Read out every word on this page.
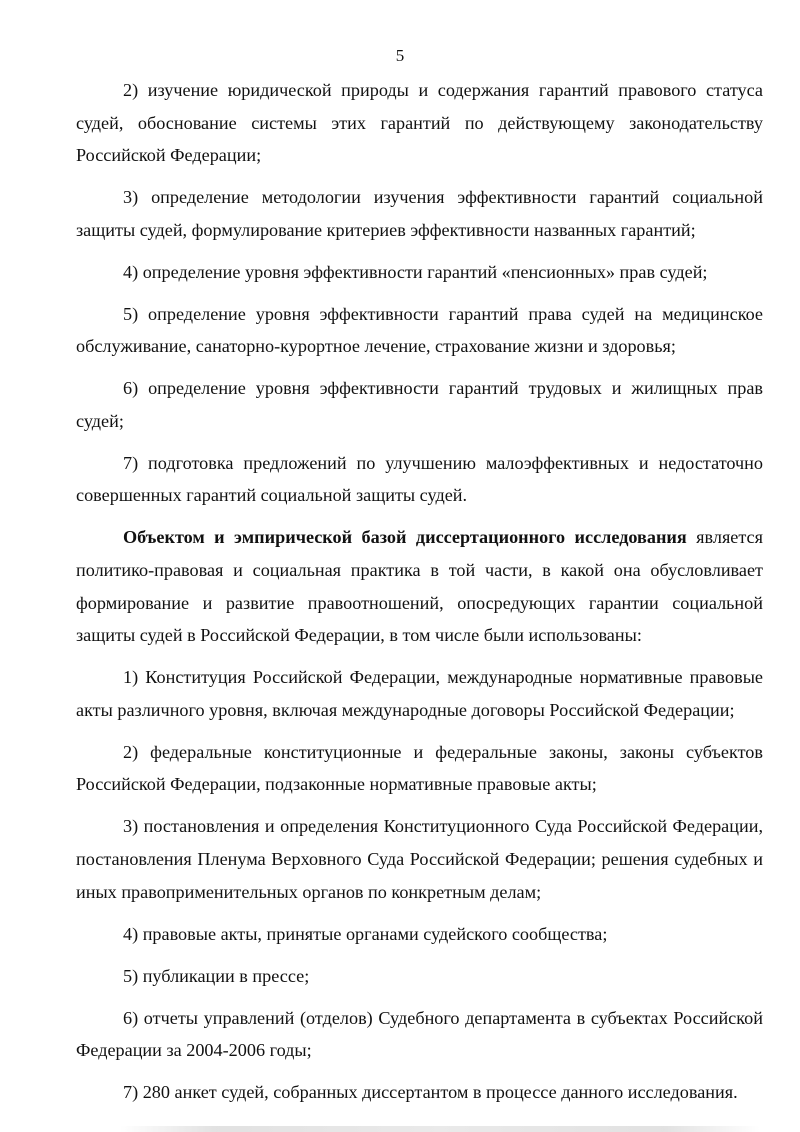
5

2) изучение юридической природы и содержания гарантий правового статуса судей, обоснование системы этих гарантий по действующему законодательству Российской Федерации;

3) определение методологии изучения эффективности гарантий социальной защиты судей, формулирование критериев эффективности названных гарантий;

4) определение уровня эффективности гарантий «пенсионных» прав судей;

5) определение уровня эффективности гарантий права судей на медицинское обслуживание, санаторно-курортное лечение, страхование жизни и здоровья;

6) определение уровня эффективности гарантий трудовых и жилищных прав судей;

7) подготовка предложений по улучшению малоэффективных и недостаточно совершенных гарантий социальной защиты судей.

Объектом и эмпирической базой диссертационного исследования является политико-правовая и социальная практика в той части, в какой она обусловливает формирование и развитие правоотношений, опосредующих гарантии социальной защиты судей в Российской Федерации, в том числе были использованы:

1) Конституция Российской Федерации, международные нормативные правовые акты различного уровня, включая международные договоры Российской Федерации;

2) федеральные конституционные и федеральные законы, законы субъектов Российской Федерации, подзаконные нормативные правовые акты;

3) постановления и определения Конституционного Суда Российской Федерации, постановления Пленума Верховного Суда Российской Федерации; решения судебных и иных правоприменительных органов по конкретным делам;

4) правовые акты, принятые органами судейского сообщества;

5) публикации в прессе;

6) отчеты управлений (отделов) Судебного департамента в субъектах Российской Федерации за 2004-2006 годы;

7) 280 анкет судей, собранных диссертантом в процессе данного исследования.
